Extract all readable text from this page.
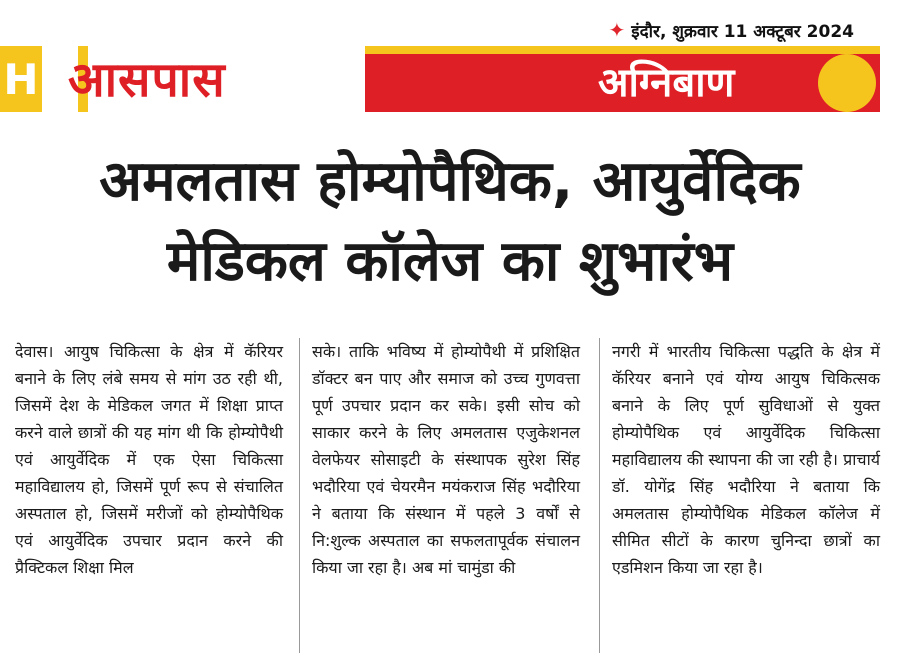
✦ इंदौर, शुक्रवार 11 अक्टूबर 2024
H आसपास	अग्निबाण
अमलतास होम्योपैथिक, आयुर्वेदिक
मेडिकल कॉलेज का शुभारंभ
देवास। आयुष चिकित्सा के क्षेत्र में कॅरियर बनाने के लिए लंबे समय से मांग उठ रही थी, जिसमें देश के मेडिकल जगत में शिक्षा प्राप्त करने वाले छात्रों की यह मांग थी कि होम्योपैथी एवं आयुर्वेदिक में एक ऐसा चिकित्सा महाविद्यालय हो, जिसमें पूर्ण रूप से संचालित अस्पताल हो, जिसमें मरीजों को होम्योपैथिक एवं आयुर्वेदिक उपचार प्रदान करने की प्रैक्टिकल शिक्षा मिल
सके। ताकि भविष्य में होम्योपैथी में प्रशिक्षित डॉक्टर बन पाए और समाज को उच्च गुणवत्ता पूर्ण उपचार प्रदान कर सके। इसी सोच को साकार करने के लिए अमलतास एजुकेशनल वेलफेयर सोसाइटी के संस्थापक सुरेश सिंह भदौरिया एवं चेयरमैन मयंकराज सिंह भदौरिया ने बताया कि संस्थान में पहले 3 वर्षों से नि:शुल्क अस्पताल का सफलतापूर्वक संचालन किया जा रहा है। अब मां चामुंडा की
नगरी में भारतीय चिकित्सा पद्धति के क्षेत्र में कॅरियर बनाने एवं योग्य आयुष चिकित्सक बनाने के लिए पूर्ण सुविधाओं से युक्त होम्योपैथिक एवं आयुर्वेदिक चिकित्सा महाविद्यालय की स्थापना की जा रही है। प्राचार्य डॉ. योगेंद्र सिंह भदौरिया ने बताया कि अमलतास होम्योपैथिक मेडिकल कॉलेज में सीमित सीटों के कारण चुनिन्दा छात्रों का एडमिशन किया जा रहा है।
